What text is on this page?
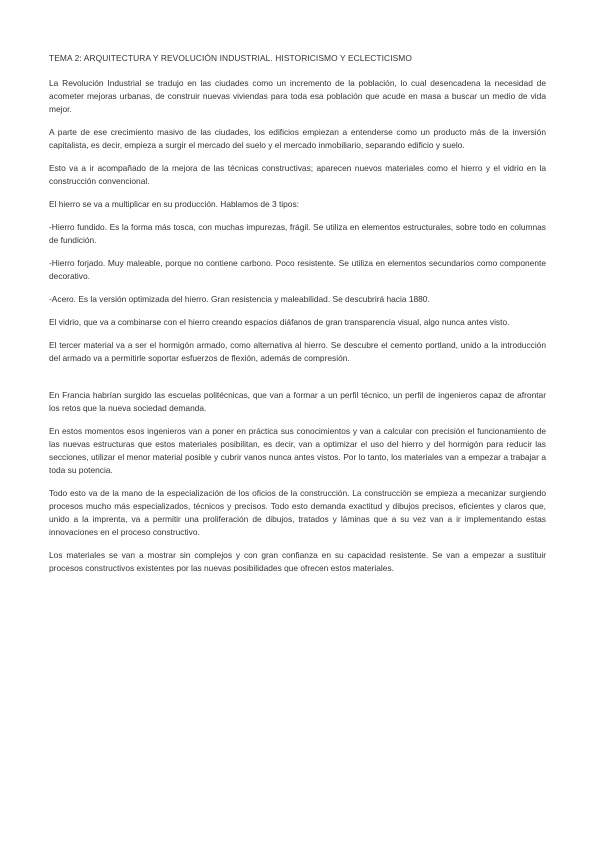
TEMA 2: ARQUITECTURA Y REVOLUCIÓN INDUSTRIAL. HISTORICISMO Y ECLECTICISMO

La Revolución Industrial se tradujo en las ciudades como un incremento de la población, lo cual desencadena la necesidad de acometer mejoras urbanas, de construir nuevas viviendas para toda esa población que acude en masa a buscar un medio de vida mejor.

A parte de ese crecimiento masivo de las ciudades, los edificios empiezan a entenderse como un producto más de la inversión capitalista, es decir, empieza a surgir el mercado del suelo y el mercado inmobiliario, separando edificio y suelo.

Esto va a ir acompañado de la mejora de las técnicas constructivas; aparecen nuevos materiales como el hierro y el vidrio en la construcción convencional.

El hierro se va a multiplicar en su producción. Hablamos de 3 tipos:

-Hierro fundido. Es la forma más tosca, con muchas impurezas, frágil. Se utiliza en elementos estructurales, sobre todo en columnas de fundición.

-Hierro forjado. Muy maleable, porque no contiene carbono. Poco resistente. Se utiliza en elementos secundarios como componente decorativo.

-Acero. Es la versión optimizada del hierro. Gran resistencia y maleabilidad. Se descubrirá hacia 1880.

El vidrio, que va a combinarse con el hierro creando espacios diáfanos de gran transparencia visual, algo nunca antes visto.

El tercer material va a ser el hormigón armado, como alternativa al hierro. Se descubre el cemento portland, unido a la introducción del armado va a permitirle soportar esfuerzos de flexión, además de compresión.

En Francia habrían surgido las escuelas politécnicas, que van a formar a un perfil técnico, un perfil de ingenieros capaz de afrontar los retos que la nueva sociedad demanda.

En estos momentos esos ingenieros van a poner en práctica sus conocimientos y van a calcular con precisión el funcionamiento de las nuevas estructuras que estos materiales posibilitan, es decir, van a optimizar el uso del hierro y del hormigón para reducir las secciones, utilizar el menor material posible y cubrir vanos nunca antes vistos. Por lo tanto, los materiales van a empezar a trabajar a toda su potencia.

Todo esto va de la mano de la especialización de los oficios de la construcción. La construcción se empieza a mecanizar surgiendo procesos mucho más especializados, técnicos y precisos. Todo esto demanda exactitud y dibujos precisos, eficientes y claros que, unido a la imprenta, va a permitir una proliferación de dibujos, tratados y láminas que a su vez van a ir implementando estas innovaciones en el proceso constructivo.

Los materiales se van a mostrar sin complejos y con gran confianza en su capacidad resistente. Se van a empezar a sustituir procesos constructivos existentes por las nuevas posibilidades que ofrecen estos materiales.
